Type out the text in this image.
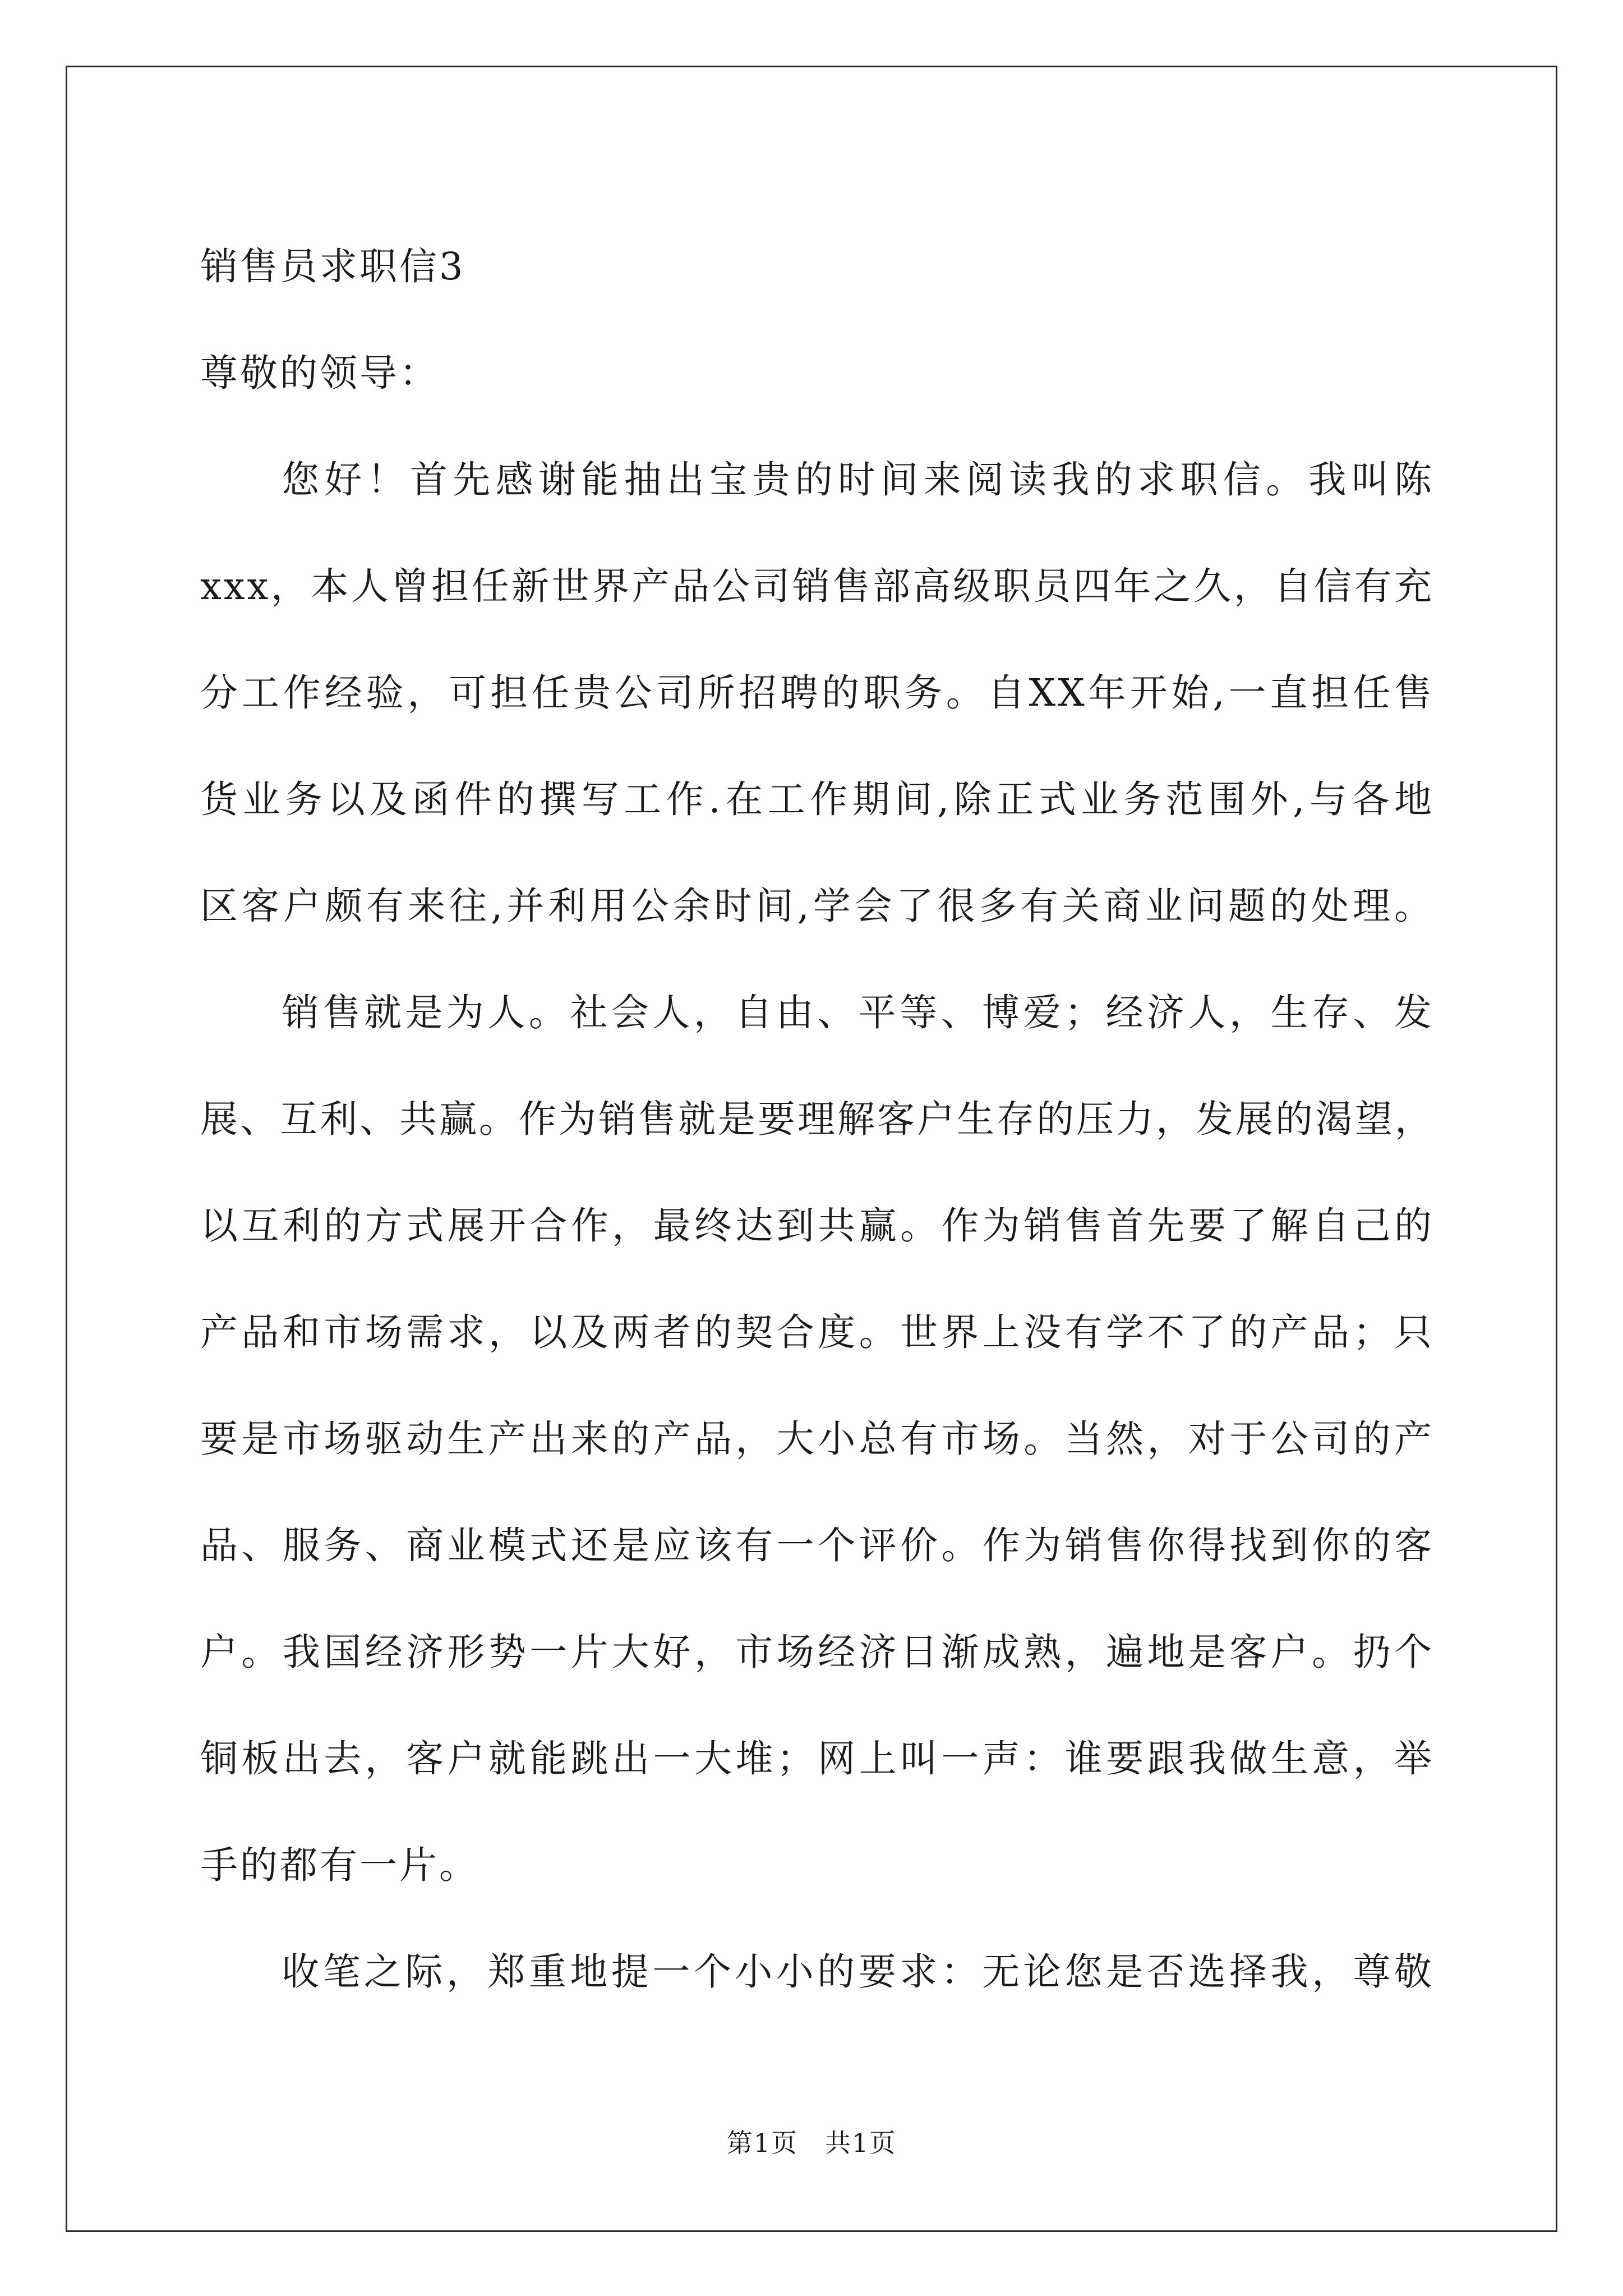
销售员求职信3
尊敬的领导：
您好！首先感谢能抽出宝贵的时间来阅读我的求职信。我叫陈
xxx，本人曾担任新世界产品公司销售部高级职员四年之久，自信有充
分工作经验，可担任贵公司所招聘的职务。自XX年开始,一直担任售
货业务以及函件的撰写工作.在工作期间,除正式业务范围外,与各地
区客户颇有来往,并利用公余时间,学会了很多有关商业问题的处理。
销售就是为人。社会人，自由、平等、博爱；经济人，生存、发
展、互利、共赢。作为销售就是要理解客户生存的压力，发展的渴望，
以互利的方式展开合作，最终达到共赢。作为销售首先要了解自己的
产品和市场需求，以及两者的契合度。世界上没有学不了的产品；只
要是市场驱动生产出来的产品，大小总有市场。当然，对于公司的产
品、服务、商业模式还是应该有一个评价。作为销售你得找到你的客
户。我国经济形势一片大好，市场经济日渐成熟，遍地是客户。扔个
铜板出去，客户就能跳出一大堆；网上叫一声：谁要跟我做生意，举
手的都有一片。
收笔之际，郑重地提一个小小的要求：无论您是否选择我，尊敬
第1页 共1页
